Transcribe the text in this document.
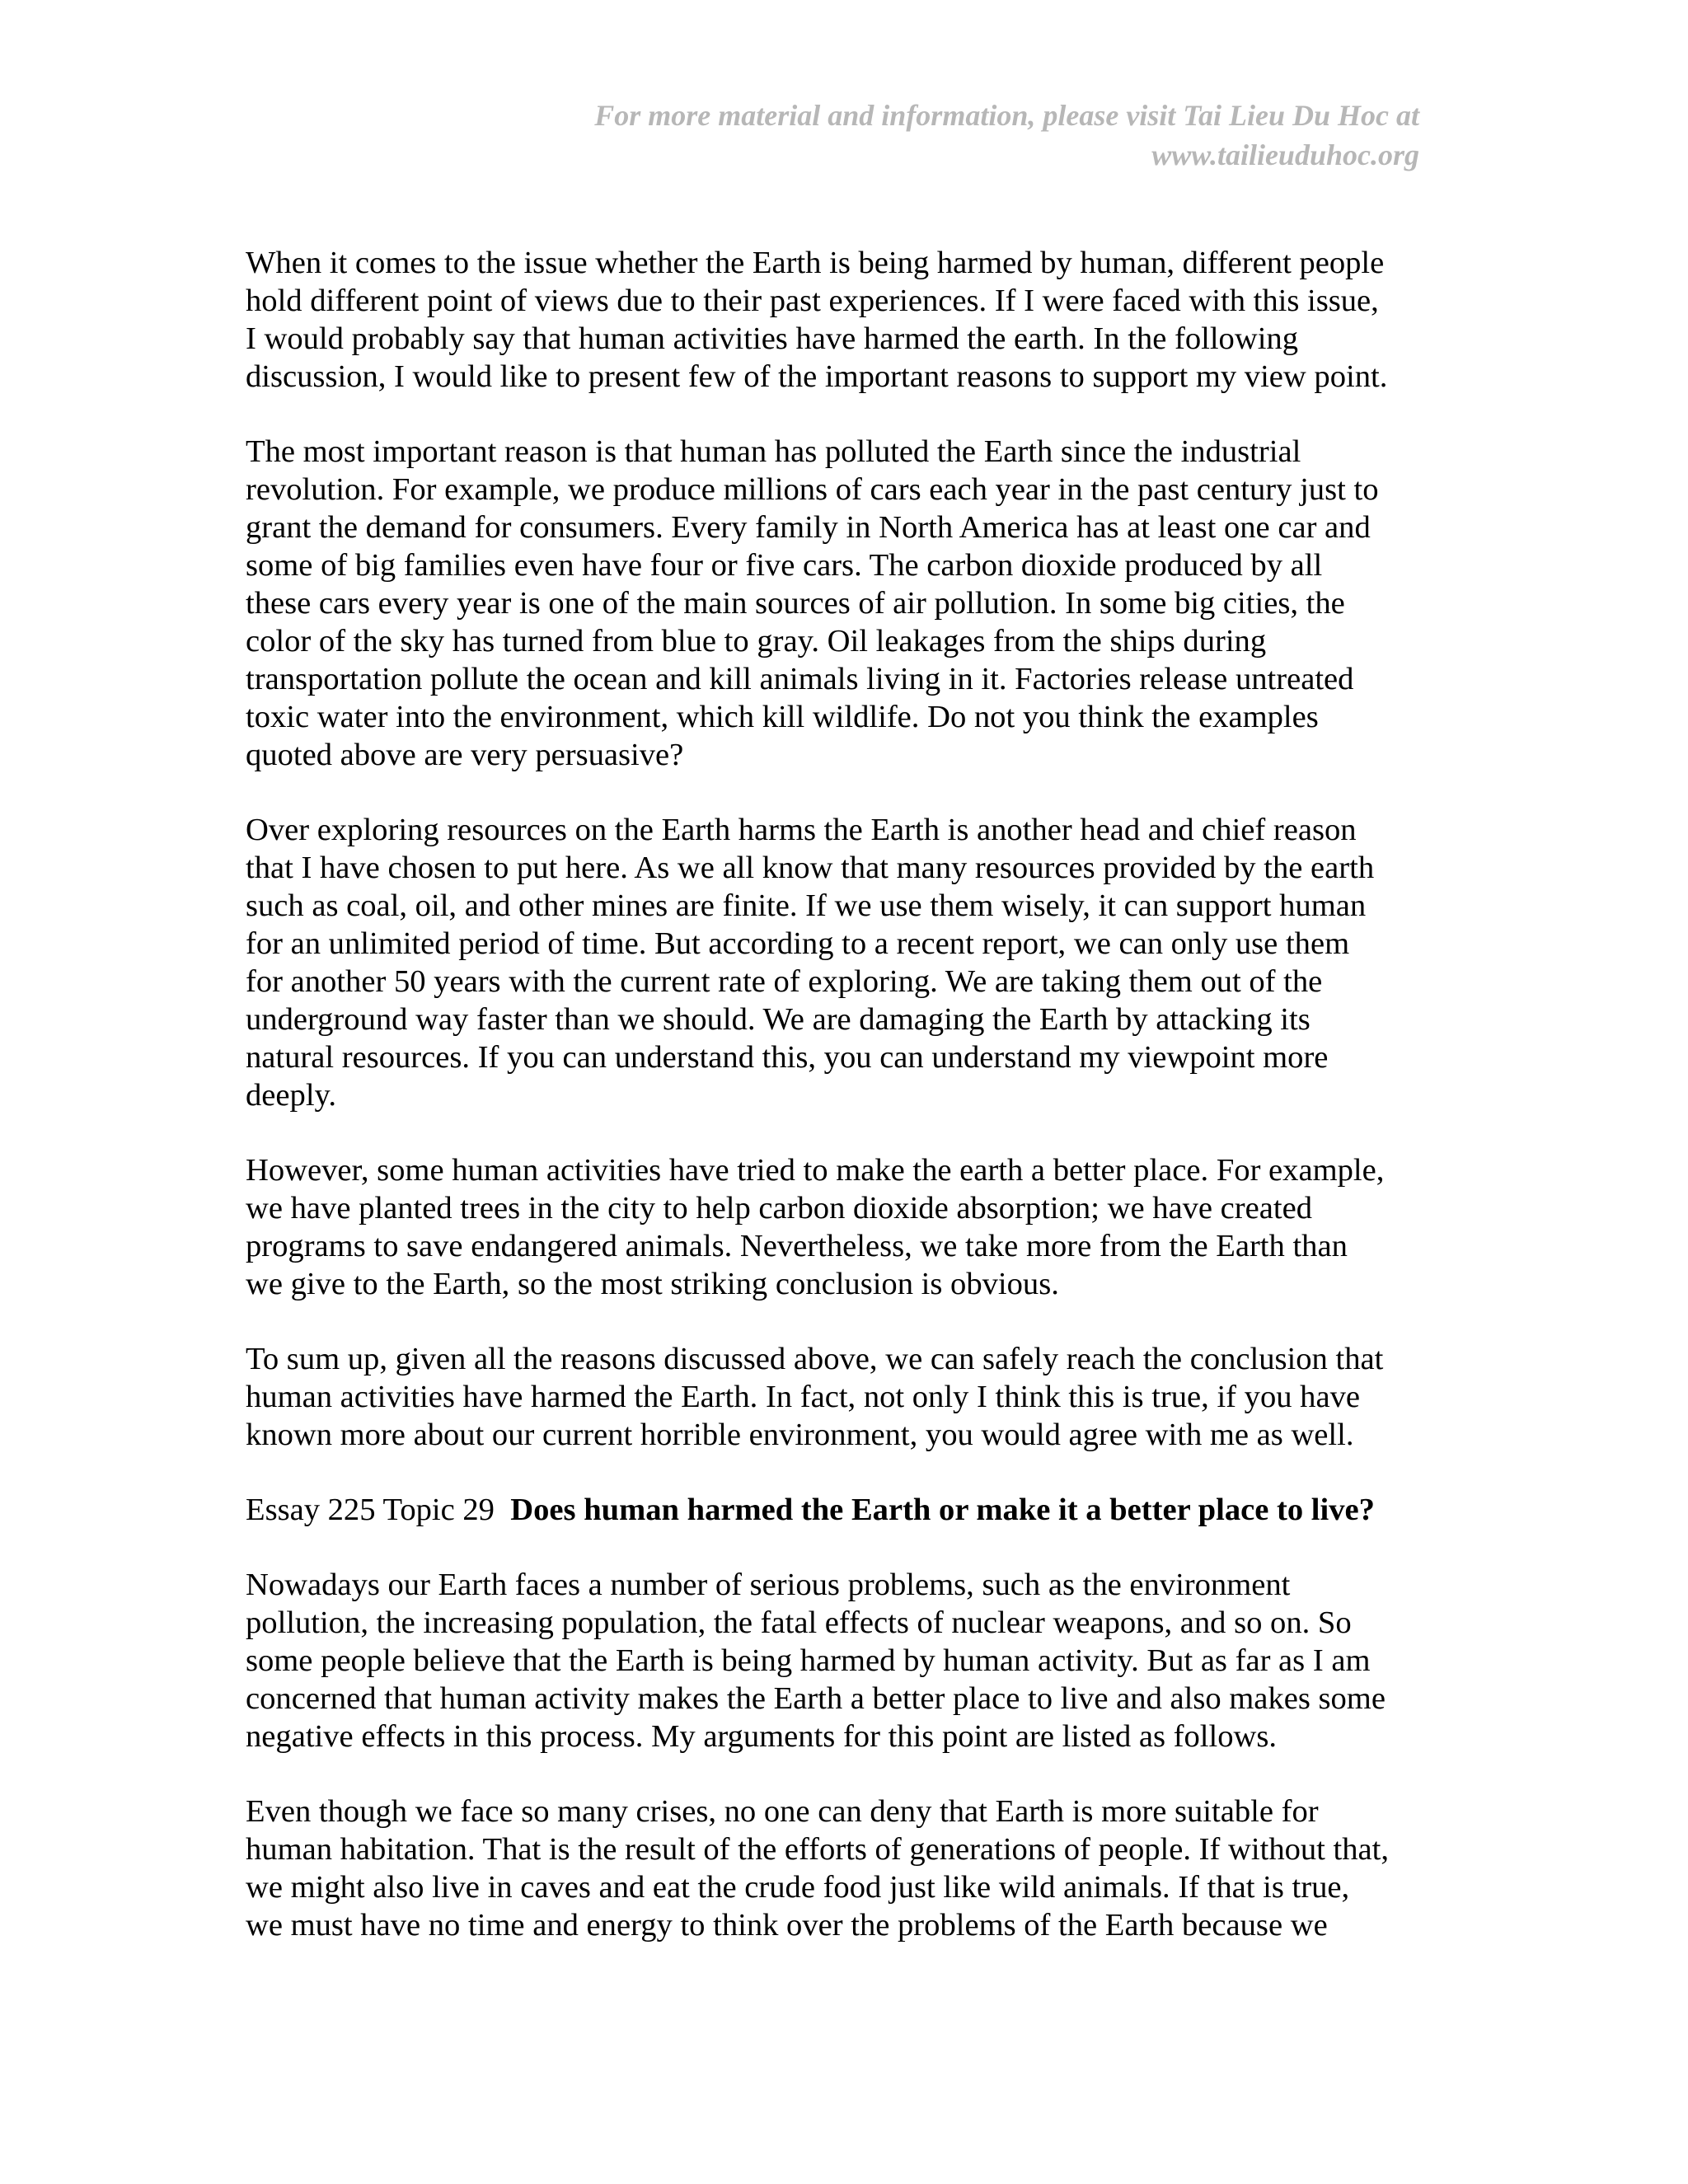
For more material and information, please visit Tai Lieu Du Hoc at
www.tailieuduhoc.org

When it comes to the issue whether the Earth is being harmed by human, different people
hold different point of views due to their past experiences. If I were faced with this issue,
I would probably say that human activities have harmed the earth. In the following
discussion, I would like to present few of the important reasons to support my view point.

The most important reason is that human has polluted the Earth since the industrial
revolution. For example, we produce millions of cars each year in the past century just to
grant the demand for consumers. Every family in North America has at least one car and
some of big families even have four or five cars. The carbon dioxide produced by all
these cars every year is one of the main sources of air pollution. In some big cities, the
color of the sky has turned from blue to gray. Oil leakages from the ships during
transportation pollute the ocean and kill animals living in it. Factories release untreated
toxic water into the environment, which kill wildlife. Do not you think the examples
quoted above are very persuasive?

Over exploring resources on the Earth harms the Earth is another head and chief reason
that I have chosen to put here. As we all know that many resources provided by the earth
such as coal, oil, and other mines are finite. If we use them wisely, it can support human
for an unlimited period of time. But according to a recent report, we can only use them
for another 50 years with the current rate of exploring. We are taking them out of the
underground way faster than we should. We are damaging the Earth by attacking its
natural resources. If you can understand this, you can understand my viewpoint more
deeply.

However, some human activities have tried to make the earth a better place. For example,
we have planted trees in the city to help carbon dioxide absorption; we have created
programs to save endangered animals. Nevertheless, we take more from the Earth than
we give to the Earth, so the most striking conclusion is obvious.

To sum up, given all the reasons discussed above, we can safely reach the conclusion that
human activities have harmed the Earth. In fact, not only I think this is true, if you have
known more about our current horrible environment, you would agree with me as well.

Essay 225 Topic 29 Does human harmed the Earth or make it a better place to live?

Nowadays our Earth faces a number of serious problems, such as the environment
pollution, the increasing population, the fatal effects of nuclear weapons, and so on. So
some people believe that the Earth is being harmed by human activity. But as far as I am
concerned that human activity makes the Earth a better place to live and also makes some
negative effects in this process. My arguments for this point are listed as follows.

Even though we face so many crises, no one can deny that Earth is more suitable for
human habitation. That is the result of the efforts of generations of people. If without that,
we might also live in caves and eat the crude food just like wild animals. If that is true,
we must have no time and energy to think over the problems of the Earth because we
